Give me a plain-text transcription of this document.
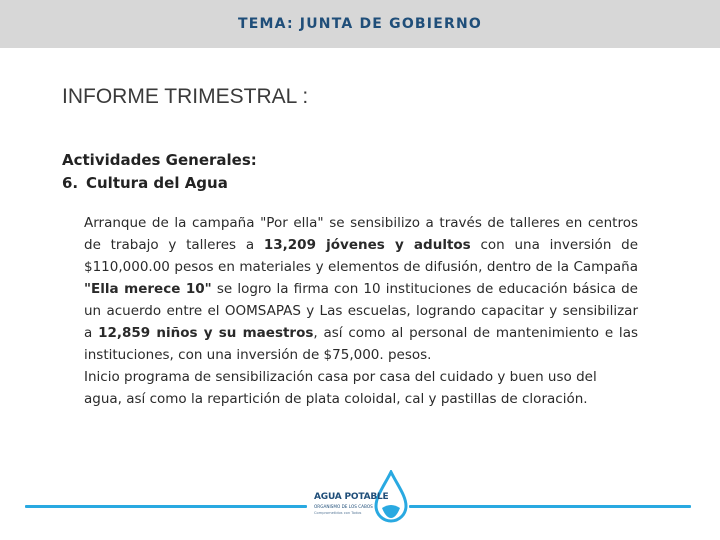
TEMA: JUNTA DE GOBIERNO
INFORME TRIMESTRAL :
Actividades Generales:
6. Cultura del Agua

Arranque de la campaña "Por ella" se sensibilizo a través de talleres en centros de trabajo y talleres a 13,209 jóvenes y adultos con una inversión de $110,000.00 pesos en materiales y elementos de difusión, dentro de la Campaña "Ella merece 10" se logro la firma con 10 instituciones de educación básica de un acuerdo entre el OOMSAPAS y Las escuelas, logrando capacitar y sensibilizar a 12,859 niños y su maestros, así como al personal de mantenimiento e las instituciones, con una inversión de $75,000. pesos.

Inicio programa de sensibilización casa por casa del cuidado y buen uso del agua, así como la repartición de plata coloidal, cal y pastillas de cloración.

AGUA POTABLE
ORGANISMO DE LOS CABOS
Comprometidos con Todos
